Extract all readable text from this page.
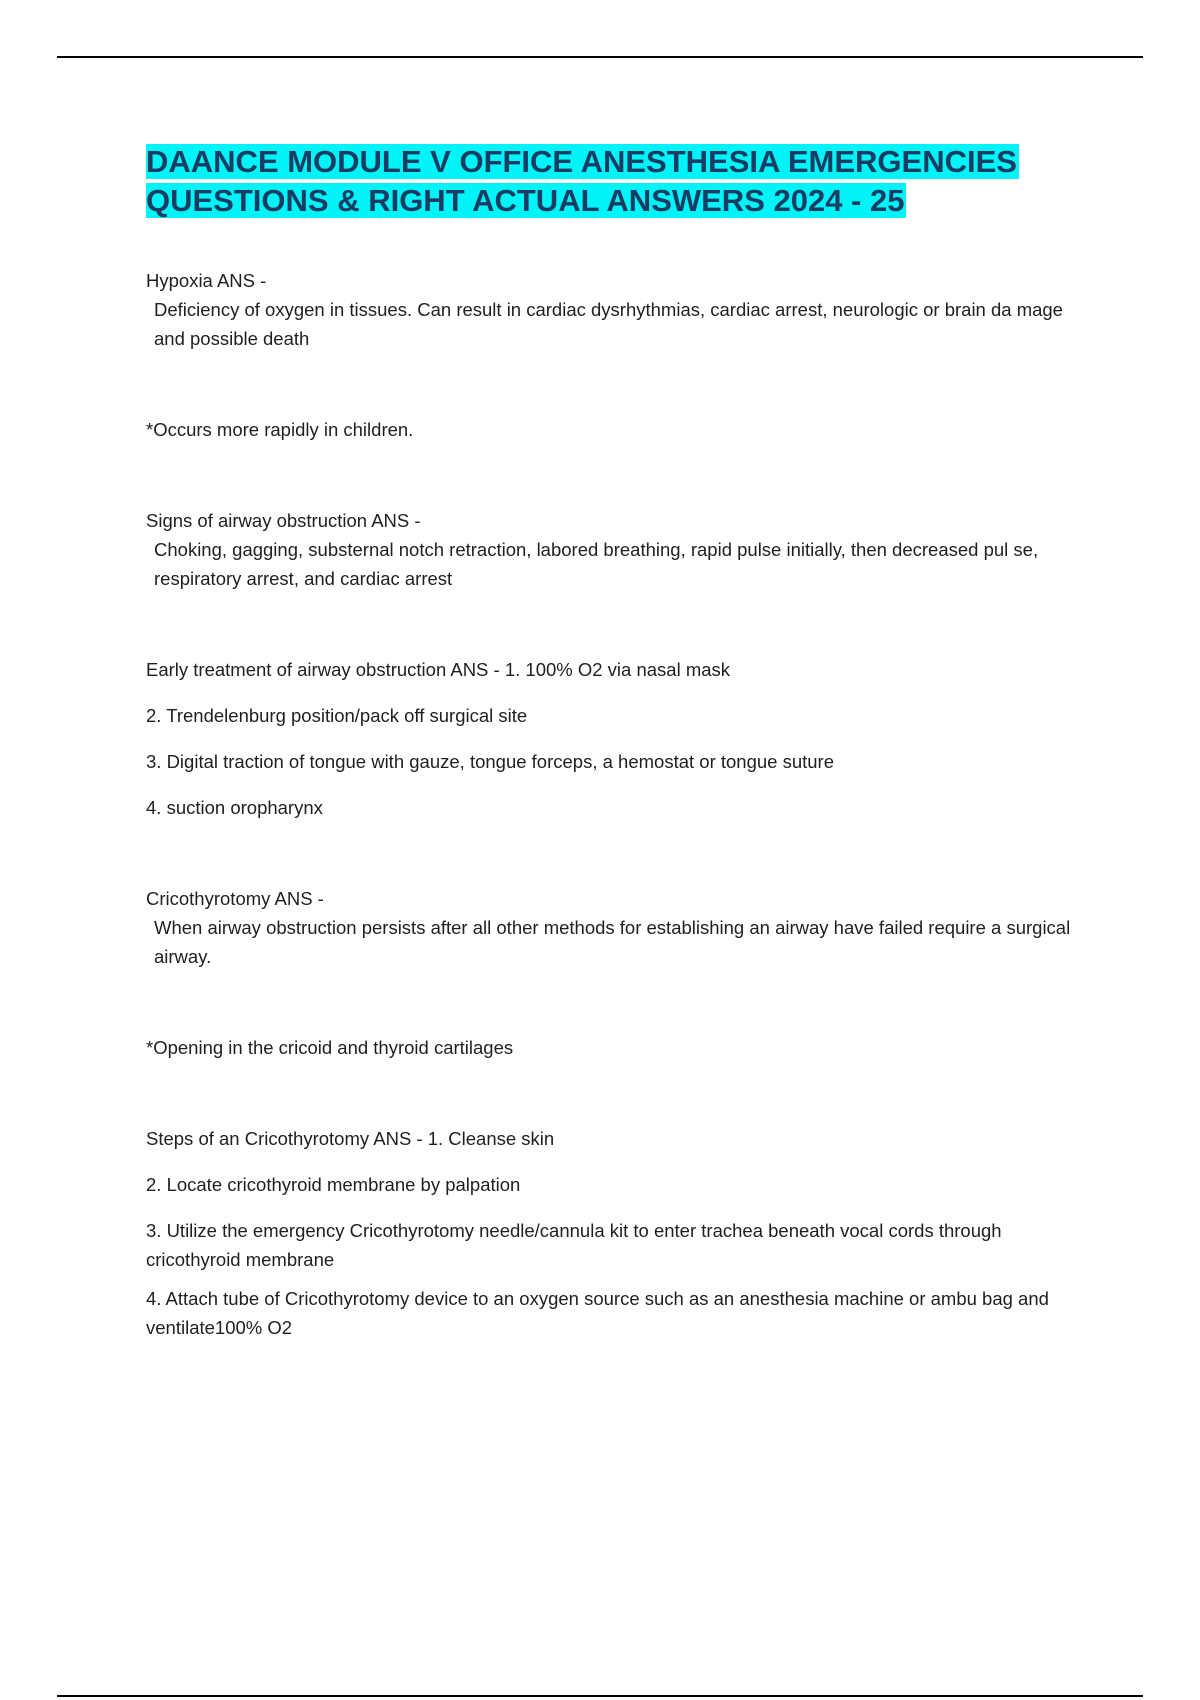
DAANCE MODULE V OFFICE ANESTHESIA EMERGENCIES
QUESTIONS & RIGHT ACTUAL ANSWERS 2024 - 25

Hypoxia ANS -

Deficiency of oxygen in tissues. Can result in cardiac dysrhythmias, cardiac arrest, neurologic or brain da mage and possible death

*Occurs more rapidly in children.

Signs of airway obstruction ANS -

Choking, gagging, substernal notch retraction, labored breathing, rapid pulse initially, then decreased pul se, respiratory arrest, and cardiac arrest

Early treatment of airway obstruction ANS - 1. 100% O2 via nasal mask

2. Trendelenburg position/pack off surgical site

3. Digital traction of tongue with gauze, tongue forceps, a hemostat or tongue suture

4. suction oropharynx

Cricothyrotomy ANS -

When airway obstruction persists after all other methods for establishing an airway have failed require a surgical airway.

*Opening in the cricoid and thyroid cartilages

Steps of an Cricothyrotomy ANS - 1. Cleanse skin

2. Locate cricothyroid membrane by palpation

3. Utilize the emergency Cricothyrotomy needle/cannula kit to enter trachea beneath vocal cords through cricothyroid membrane

4. Attach tube of Cricothyrotomy device to an oxygen source such as an anesthesia machine or ambu bag and ventilate100% O2
